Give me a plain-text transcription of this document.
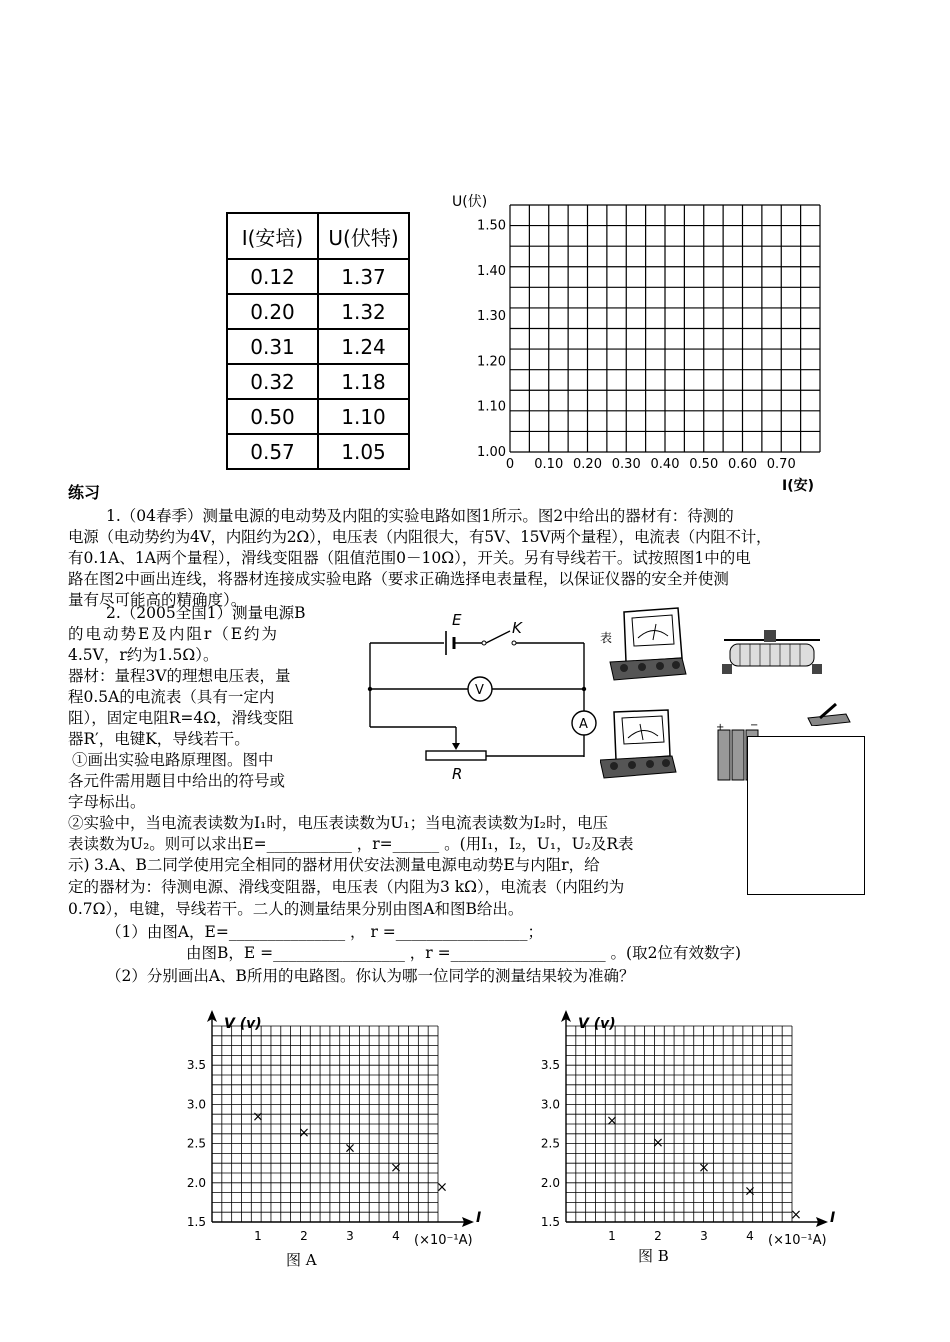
I(安培)	U(伏特)
0.12	1.37
0.20	1.32
0.31	1.24
0.32	1.18
0.50	1.10
0.57	1.05
U(伏)
I(安)
0 0.10 0.20 0.30 0.40 0.50 0.60 0.70
1.00
1.10
1.20
1.30
1.40
1.50
练习
1.（04春季）测量电源的电动势及内阻的实验电路如图1所示。图2中给出的器材有：待测的
电源（电动势约为4V，内阻约为2Ω），电压表（内阻很大，有5V、15V两个量程），电流表（内阻不计，
有0.1A、1A两个量程），滑线变阻器（阻值范围0－10Ω），开关。另有导线若干。试按照图1中的电
路在图2中画出连线，将器材连接成实验电路（要求正确选择电表量程，以保证仪器的安全并使测
量有尽可能高的精确度）。
2.（2005全国1）测量电源B
的电动势E及内阻r（E约为
4.5V，r约为1.5Ω）。
器材：量程3V的理想电压表，量
程0.5A的电流表（具有一定内
阻），固定电阻R=4Ω，滑线变阻
器R′，电键K，导线若干。
①画出实验电路原理图。图中
各元件需用题目中给出的符号或
字母标出。
②实验中，当电流表读数为I₁时，电压表读数为U₁；当电流表读数为I₂时，电压
表读数为U₂。则可以求出E=___________ ，r=______ 。(用I₁，I₂，U₁，U₂及R表
示)
E	K
V
A
R
表
+	−
3.A、B二同学使用完全相同的器材用伏安法测量电源电动势E与内阻r，给
定的器材为：待测电源、滑线变阻器，电压表（内阻为3 kΩ），电流表（内阻约为
0.7Ω），电键，导线若干。二人的测量结果分别由图A和图B给出。
（1）由图A，E=_______________ ， r =_________________；
由图B，E =_________________ ，r =____________________ 。(取2位有效数字)
（2）分别画出A、B所用的电路图。你认为哪一位同学的测量结果较为准确？
V (v)
I
(×10⁻¹A)
1	2	3	4
1.5
2.0
2.5
3.0
3.5
×
×
×
×
×
图 A
V (v)
I
(×10⁻¹A)
1	2	3	4
1.5
2.0
2.5
3.0
3.5
×
×
×
×
×
图 B
